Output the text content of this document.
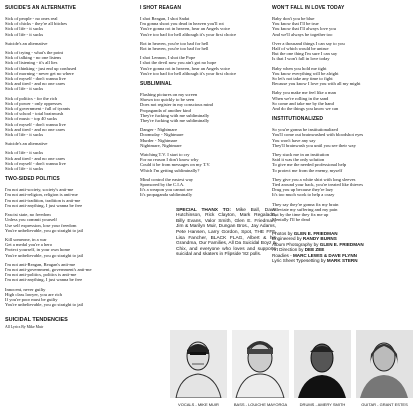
SUICIDE'S AN ALTERNATIVE
Sick of people - no ones real
Sick of chicks - they're all bitches
Sick of life - it sucks
Sick of life - it sucks
Suicide's an alternative
Sick of trying - what's the point
Sick of talking - no one listens
Sick of listening - it's all lies
Sick of thinking - just end up confused
Sick of morning - never get no where
Sick of myself - don't wanna live
Sick and tired - and no one cares
Sick of life - it sucks
Sick of politics - for the rich
Sick of power - only oppresses
Sick of government - full of tyrants
Sick of school - total brainwash
Sick of music - top 40 sucks
Sick of myself - don't wanna live
Sick and tired - and no one cares
Sick of life - it sucks
Suicide's an alternative
Sick of life - it sucks
Sick and tired - and no one cares
Sick of myself - don't wanna live
Sick of life - it sucks
TWO-SIDED POLITICS
I'm not anti-society, society's anti-me
I'm not anti-religion, religion is anti-me
I'm not anti-tradition, tradition is anti-me
I'm not anti-anything, I just wanna be free
Fascist state, no freedom
Unless you commit yourself
Use self expression, lose your freedom
You're unbelievable, you go straight to jail
Kill someone, in a war
Get a medal you're a hero
Protect yourself, in your own home
You're unbelievable, you go straight to jail
I'm not anti-Reagan, Reagan's anti-me
I'm not anti-government, government's anti-me
I'm not anti-politics, politics is anti-me
I'm not anti-anything, I just wanna be free
Innocent, never guilty
High class lawyer, you are rich
If you're poor must be guilty
You're unbelievable, you go straight to jail
SUICIDAL TENDENCIES
All Lyrics By Mike Muir
I SHOT REAGAN
I shot Reagan, I shot Sadat
I'm gonna shoot you dead in heaven you'll rot
You're gonna rot in heaven, hear an Angels voice
You're too bad for hell although it's your first choice
Rot in heaven, you're too bad for hell
Rot in heaven, you're too bad for hell
I shot Lennon, I shot the Pope
I shot the devil now you ain't got no hope
You're gonna rot in heaven, hear an Angels voice
You're too bad for hell although it's your first choice
SUBLIMINAL
Flashing pictures on my screen
Shown too quickly to be seen
Does not register in my conscious mind
Propaganda of another kind
They're fucking with me subliminally
They're fucking with me subliminally
Danger - Nightmare
Doomsday - Nightmare
Murder - Nightmare
Nightmare, Nightmare
Watching T.V. I start to cry
For no reason I don't know why
Could it be from messages on my T.V.
Which I'm getting subliminally?
Mind control the easiest way
Sponsored by the C.I.A.
It's a weapon you cannot see
It's propaganda subliminally
SPECIAL THANX TO: Mike Ball, Dave Hutchinson, Rick Clayton, Mark Regalado, Billy Evans, Valor Smith, Glen E. Friedman, Jim & Marilyn Muir, Dungan Bros., Jay Adams, Pete Hansen, Larry Gordon, Spot, THE FFF, Lisa Fancher, BLACK FLAG, Albert & his Grandma, Our Families, All Da Suicidal Boyz & Chix, and everyone who loves and supports suicidal and skaters in Flipside '82 polls.
WON'T FALL IN LOVE TODAY
Baby don't you be blue
You know that I'll be true
You know that I'll always love you
And we'll always be together too
Over a thousand things I can say to you
Half of which would be untrue
But the one thing I'm sure I can say
Is that I won't fall in love today
Baby when you hold me tight
You know everything will be alright
So let's not take any time to fight
Because you know I love you with all my might
Baby you make me feel like a man
When we're rolling in the sand
So come and take me by the hand
And do the things you know we can
INSTITUTIONALIZED
So you're gonna be institutionalized
You'll come out brainwashed with bloodshot eyes
You won't have any say
They'll brainwash you until you see their way
They stuck me in an institution
Said it was the only solution
To give me the needed professional help
To protect me from the enemy, myself
They give you a white shirt with long sleeves
Tied around your back, you're treated like thieves
Drug you up because they're lazy
It's too much work to help a crazy
They say they're gonna fix my brain
Alleviate my suffering and my pain
But by the time they fix me up
Mentally I'll be dead
Photos by GLEN E. FRIEDMAN
Engineered by RANDY BURNS
Album Photography by GLEN E. FRIEDMAN
Art Direction by DEE ZEE
Roadies - MARC LEWIS & DAVE FLYNN
Lyric Sheet Typesetting by MARK STERN
VOCALS - MIKE MUIR	BASS - LOUICHE MAYORGA	DRUMS - AMERY SMITH	GUITAR - GRANT ESTES
